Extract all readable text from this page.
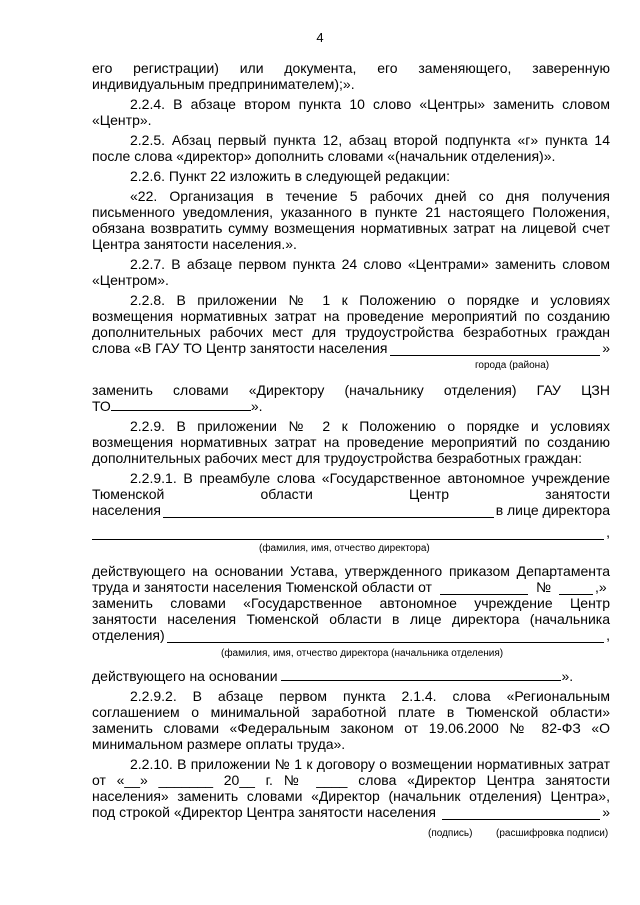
4
его регистрации) или документа, его заменяющего, заверенную
индивидуальным предпринимателем);».
2.2.4. В абзаце втором пункта 10 слово «Центры» заменить словом
«Центр».
2.2.5. Абзац первый пункта 12, абзац второй подпункта «г» пункта 14
после слова «директор» дополнить словами «(начальник отделения)».
2.2.6. Пункт 22 изложить в следующей редакции:
«22. Организация в течение 5 рабочих дней со дня получения
письменного уведомления, указанного в пункте 21 настоящего Положения,
обязана возвратить сумму возмещения нормативных затрат на лицевой счет
Центра занятости населения.».
2.2.7. В абзаце первом пункта 24 слово «Центрами» заменить словом
«Центром».
2.2.8. В приложении № 1 к Положению о порядке и условиях
возмещения нормативных затрат на проведение мероприятий по созданию
дополнительных рабочих мест для трудоустройства безработных граждан
слова «В ГАУ ТО Центр занятости населения	»
города (района)
заменить словами «Директору (начальнику отделения) ГАУ ЦЗН
ТО	».
2.2.9. В приложении № 2 к Положению о порядке и условиях
возмещения нормативных затрат на проведение мероприятий по созданию
дополнительных рабочих мест для трудоустройства безработных граждан:
2.2.9.1. В преамбуле слова «Государственное автономное учреждение
Тюменской	области	Центр	занятости
населения	в лице директора
,
(фамилия, имя, отчество директора)
действующего на основании Устава, утвержденного приказом Департамента
труда и занятости населения Тюменской области от	№	,»
заменить словами «Государственное автономное учреждение Центр
занятости населения Тюменской области в лице директора (начальника
отделения)	,
(фамилия, имя, отчество директора (начальника отделения)
действующего на основании	».
2.2.9.2. В абзаце первом пункта 2.1.4. слова «Региональным
соглашением о минимальной заработной плате в Тюменской области»
заменить словами «Федеральным законом от 19.06.2000 № 82-ФЗ «О
минимальном размере оплаты труда».
2.2.10. В приложении № 1 к договору о возмещении нормативных затрат
от «__» _______ 20__ г. № ____ слова «Директор Центра занятости
населения» заменить словами «Директор (начальник отделения) Центра»,
под строкой «Директор Центра занятости населения	»
(подпись) (расшифровка подписи)
